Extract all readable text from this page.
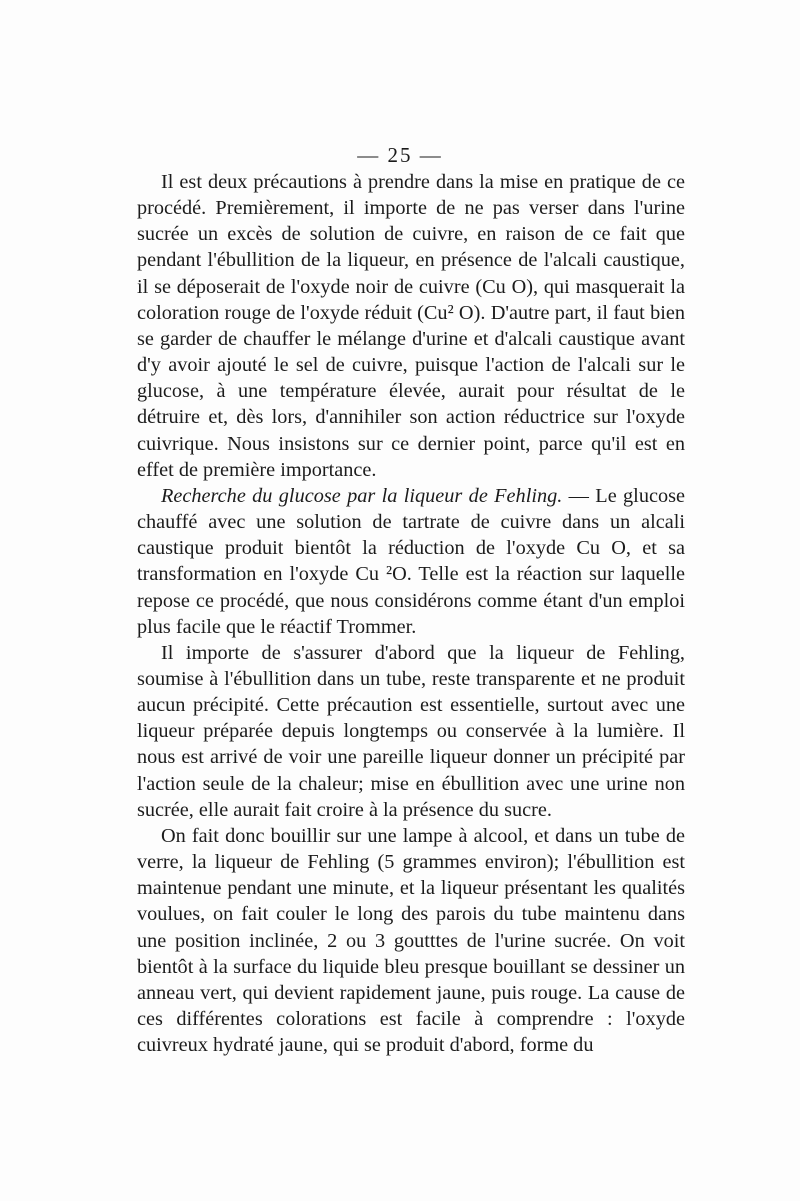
— 25 —

Il est deux précautions à prendre dans la mise en pratique de ce procédé. Premièrement, il importe de ne pas verser dans l'urine sucrée un excès de solution de cuivre, en raison de ce fait que pendant l'ébullition de la liqueur, en présence de l'alcali caustique, il se déposerait de l'oxyde noir de cuivre (Cu O), qui masquerait la coloration rouge de l'oxyde réduit (Cu² O). D'autre part, il faut bien se garder de chauffer le mélange d'urine et d'alcali caustique avant d'y avoir ajouté le sel de cuivre, puisque l'action de l'alcali sur le glucose, à une température élevée, aurait pour résultat de le détruire et, dès lors, d'annihiler son action réductrice sur l'oxyde cuivrique. Nous insistons sur ce dernier point, parce qu'il est en effet de première importance.

Recherche du glucose par la liqueur de Fehling. — Le glucose chauffé avec une solution de tartrate de cuivre dans un alcali caustique produit bientôt la réduction de l'oxyde Cu O, et sa transformation en l'oxyde Cu ²O. Telle est la réaction sur laquelle repose ce procédé, que nous considérons comme étant d'un emploi plus facile que le réactif Trommer.

Il importe de s'assurer d'abord que la liqueur de Fehling, soumise à l'ébullition dans un tube, reste transparente et ne produit aucun précipité. Cette précaution est essentielle, surtout avec une liqueur préparée depuis longtemps ou conservée à la lumière. Il nous est arrivé de voir une pareille liqueur donner un précipité par l'action seule de la chaleur; mise en ébullition avec une urine non sucrée, elle aurait fait croire à la présence du sucre.

On fait donc bouillir sur une lampe à alcool, et dans un tube de verre, la liqueur de Fehling (5 grammes environ); l'ébullition est maintenue pendant une minute, et la liqueur présentant les qualités voulues, on fait couler le long des parois du tube maintenu dans une position inclinée, 2 ou 3 goutttes de l'urine sucrée. On voit bientôt à la surface du liquide bleu presque bouillant se dessiner un anneau vert, qui devient rapidement jaune, puis rouge. La cause de ces différentes colorations est facile à comprendre : l'oxyde cuivreux hydraté jaune, qui se produit d'abord, forme du
